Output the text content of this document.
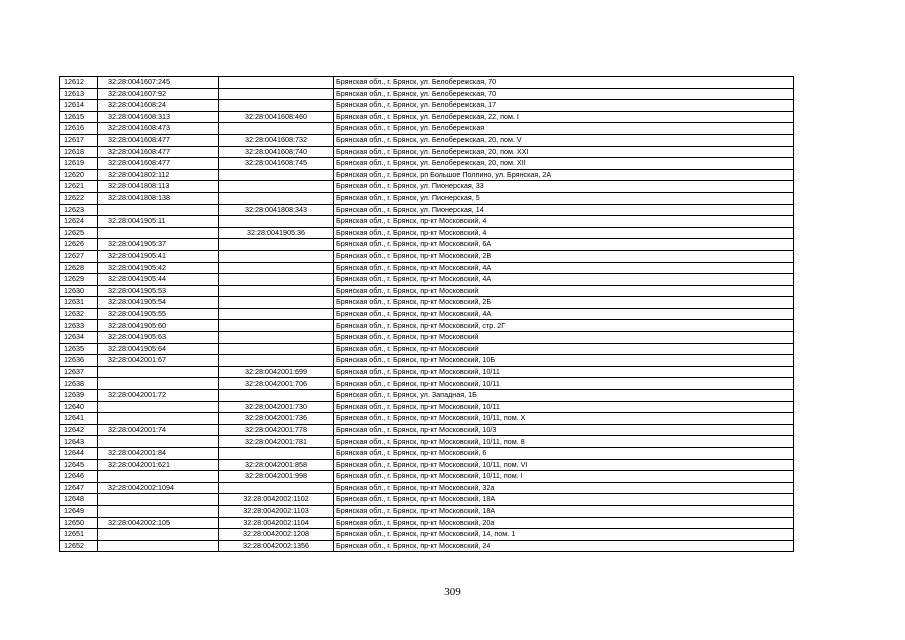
12612	32:28:0041607:245		Брянская обл., г. Брянск, ул. Белобережская, 70
12613	32:28:0041607:92		Брянская обл., г. Брянск, ул. Белобережская, 70
12614	32:28:0041608:24		Брянская обл., г. Брянск, ул. Белобережская, 17
12615	32:28:0041608:313	32:28:0041608:460	Брянская обл., г. Брянск, ул. Белобережская, 22, пом. I
12616	32:28:0041608:473		Брянская обл., г. Брянск, ул. Белобережская
12617	32:28:0041608:477	32:28:0041608:732	Брянская обл., г. Брянск, ул. Белобережская, 20, пом. V
12618	32:28:0041608:477	32:28:0041608:740	Брянская обл., г. Брянск, ул. Белобережская, 20, пом. XXI
12619	32:28:0041608:477	32:28:0041608:745	Брянская обл., г. Брянск, ул. Белобережская, 20, пом. XII
12620	32:28:0041802:112		Брянская обл., г. Брянск, рп Большое Полпино, ул. Брянская, 2А
12621	32:28:0041808:113		Брянская обл., г. Брянск, ул. Пионерская, 33
12622	32:28:0041808:138		Брянская обл., г. Брянск, ул. Пионерская, 5
12623		32:28:0041808:343	Брянская обл., г. Брянск, ул. Пионерская, 14
12624	32:28:0041905:11		Брянская обл., г. Брянск, пр-кт Московский, 4
12625		32:28:0041905:36	Брянская обл., г. Брянск, пр-кт Московский, 4
12626	32:28:0041905:37		Брянская обл., г. Брянск, пр-кт Московский, 6А
12627	32:28:0041905:41		Брянская обл., г. Брянск, пр-кт Московский, 2В
12628	32:28:0041905:42		Брянская обл., г. Брянск, пр-кт Московский, 4А
12629	32:28:0041905:44		Брянская обл., г. Брянск, пр-кт Московский, 4А
12630	32:28:0041905:53		Брянская обл., г. Брянск, пр-кт Московский
12631	32:28:0041905:54		Брянская обл., г. Брянск, пр-кт Московский, 2Б
12632	32:28:0041905:55		Брянская обл., г. Брянск, пр-кт Московский, 4А
12633	32:28:0041905:60		Брянская обл., г. Брянск, пр-кт Московский, стр. 2Г
12634	32:28:0041905:63		Брянская обл., г. Брянск, пр-кт Московский
12635	32:28:0041905:64		Брянская обл., г. Брянск, пр-кт Московский
12636	32:28:0042001:67		Брянская обл., г. Брянск, пр-кт Московский, 10Б
12637		32:28:0042001:699	Брянская обл., г. Брянск, пр-кт Московский, 10/11
12638		32:28:0042001:706	Брянская обл., г. Брянск, пр-кт Московский, 10/11
12639	32:28:0042001:72		Брянская обл., г. Брянск, ул. Западная, 1Б
12640		32:28:0042001:730	Брянская обл., г. Брянск, пр-кт Московский, 10/11
12641		32:28:0042001:736	Брянская обл., г. Брянск, пр-кт Московский, 10/11, пом. X
12642	32:28:0042001:74	32:28:0042001:778	Брянская обл., г. Брянск, пр-кт Московский, 10/3
12643		32:28:0042001:781	Брянская обл., г. Брянск, пр-кт Московский, 10/11, пом. 8
12644	32:28:0042001:84		Брянская обл., г. Брянск, пр-кт Московский, 6
12645	32:28:0042001:621	32:28:0042001:858	Брянская обл., г. Брянск, пр-кт Московский, 10/11, пом. VI
12646		32:28:0042001:998	Брянская обл., г. Брянск, пр-кт Московский, 10/11, пом. I
12647	32:28:0042002:1094		Брянская обл., г. Брянск, пр-кт Московский, 32а
12648		32:28:0042002:1102	Брянская обл., г. Брянск, пр-кт Московский, 18А
12649		32:28:0042002:1103	Брянская обл., г. Брянск, пр-кт Московский, 18А
12650	32:28:0042002:105	32:28:0042002:1104	Брянская обл., г. Брянск, пр-кт Московский, 20а
12651		32:28:0042002:1208	Брянская обл., г. Брянск, пр-кт Московский, 14, пом. 1
12652		32:28:0042002:1356	Брянская обл., г. Брянск, пр-кт Московский, 24
309
